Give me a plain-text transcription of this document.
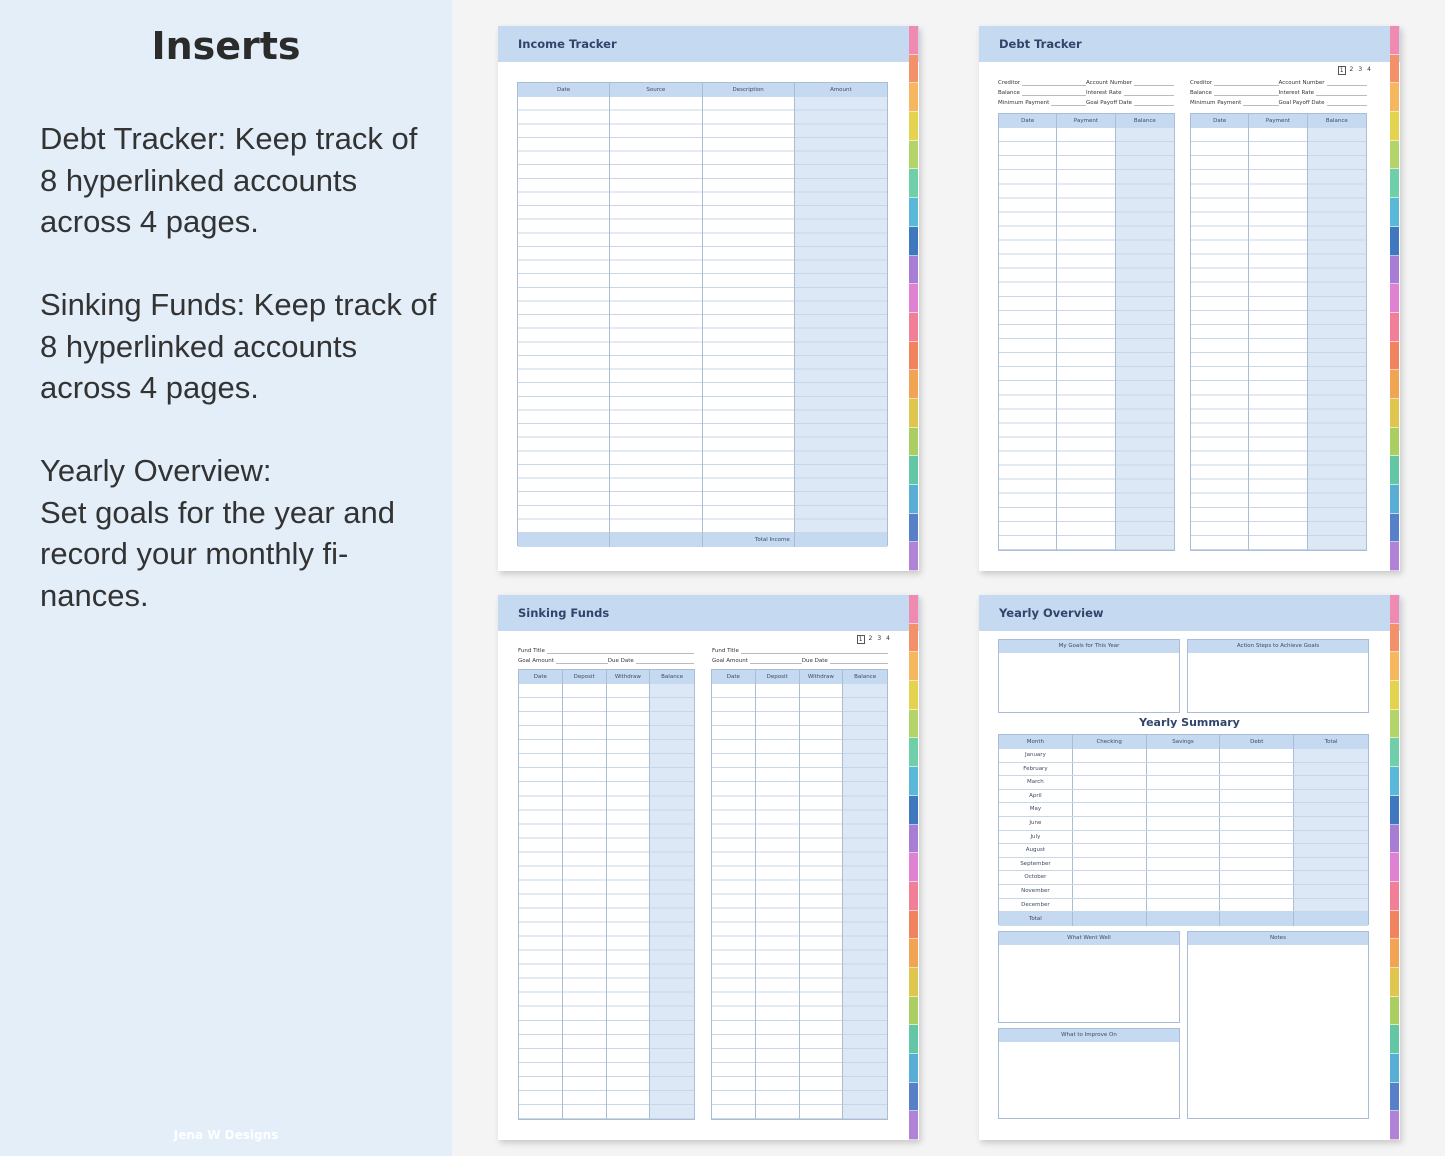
Inserts

Debt Tracker: Keep track of
8 hyperlinked accounts
across 4 pages.

Sinking Funds: Keep track of
8 hyperlinked accounts
across 4 pages.

Yearly Overview:
Set goals for the year and
record your monthly fi-
nances.

Jena W Designs
Income Tracker
Date	Source	Description	Amount
Total Income
Debt Tracker
1	2 3 4
Creditor	Account Number
Balance	Interest Rate
Minimum Payment	Goal Payoff Date
Creditor	Account Number
Balance	Interest Rate
Minimum Payment	Goal Payoff Date
Date	Payment	Balance	Date	Payment	Balance
Sinking Funds
1	2 3 4
Fund Title
Goal Amount	Due Date
Fund Title
Goal Amount	Due Date
Date	Deposit	Withdraw	Balance	Date	Deposit	Withdraw	Balance
Yearly Overview
My Goals for This Year	Action Steps to Achieve Goals
Yearly Summary
Month	Checking	Savings	Debt	Total
January
February
March
April
May
June
July
August
September
October
November
December
Total
What Went Well	Notes
What to Improve On
